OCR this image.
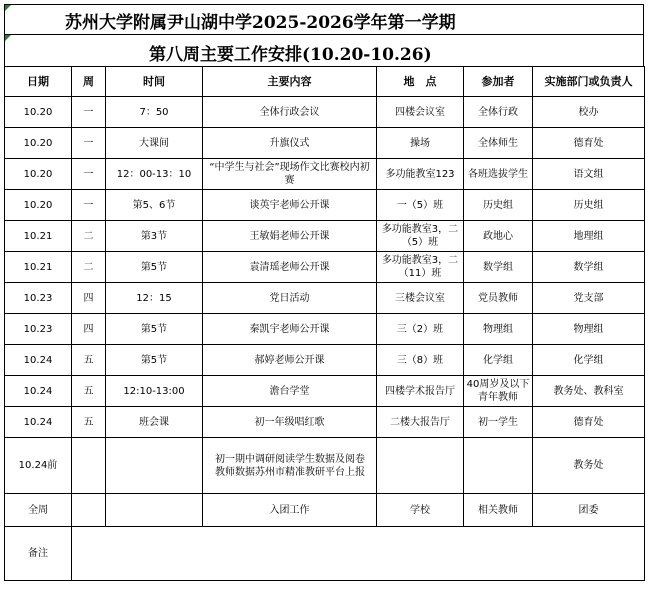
苏州大学附属尹山湖中学2025-2026学年第一学期
第八周主要工作安排(10.20-10.26)
日期	周	时间	主要内容	地　点	参加者	实施部门或负责人
10.20	一	7：50	全体行政会议	四楼会议室	全体行政	校办
10.20	一	大课间	升旗仪式	操场	全体师生	德育处
10.20	一	12：00-13：10	“中学生与社会”现场作文比赛校内初赛	多功能教室123	各班选拔学生	语文组
10.20	一	第5、6节	谈英宇老师公开课	一（5）班	历史组	历史组
10.21	二	第3节	王敏娟老师公开课	多功能教室3，二（5）班	政地心	地理组
10.21	二	第5节	袁清瑶老师公开课	多功能教室3，二（11）班	数学组	数学组
10.23	四	12：15	党日活动	三楼会议室	党员教师	党支部
10.23	四	第5节	秦凯宇老师公开课	三（2）班	物理组	物理组
10.24	五	第5节	郝婷老师公开课	三（8）班	化学组	化学组
10.24	五	12:10-13:00	澹台学堂	四楼学术报告厅	40周岁及以下青年教师	教务处、教科室
10.24	五	班会课	初一年级唱红歌	二楼大报告厅	初一学生	德育处
10.24前			初一期中调研阅读学生数据及阅卷教师数据苏州市精准教研平台上报			教务处
全周			入团工作	学校	相关教师	团委
备注						
